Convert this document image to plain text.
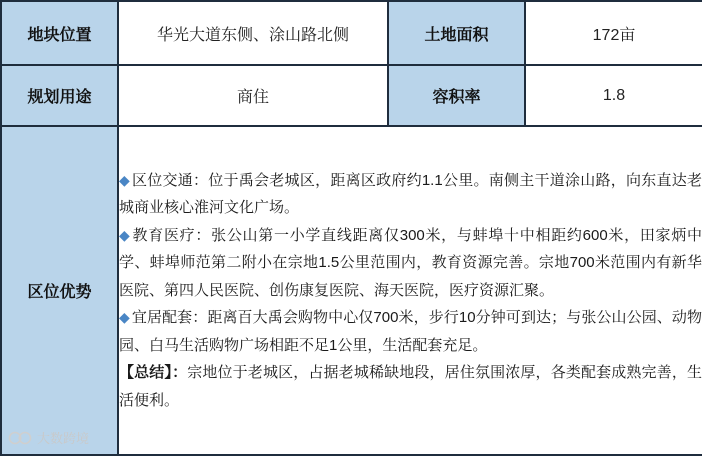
地块位置	华光大道东侧、涂山路北侧	土地面积	172亩
规划用途	商住	容积率	1.8
区位优势	◆ 区位交通：位于禹会老城区，距离区政府约1.1公里。南侧主干道涂山路，向东直达老城商业核心淮河文化广场。

◆ 教育医疗：张公山第一小学直线距离仅300米，与蚌埠十中相距约600米，田家炳中学、蚌埠师范第二附小在宗地1.5公里范围内，教育资源完善。宗地700米范围内有新华医院、第四人民医院、创伤康复医院、海天医院，医疗资源汇聚。

◆ 宜居配套：距离百大禹会购物中心仅700米，步行10分钟可到达；与张公山公园、动物园、白马生活购物广场相距不足1公里，生活配套充足。

【总结】：宗地位于老城区，占据老城稀缺地段，居住氛围浓厚，各类配套成熟完善，生活便利。		

大数跨境
